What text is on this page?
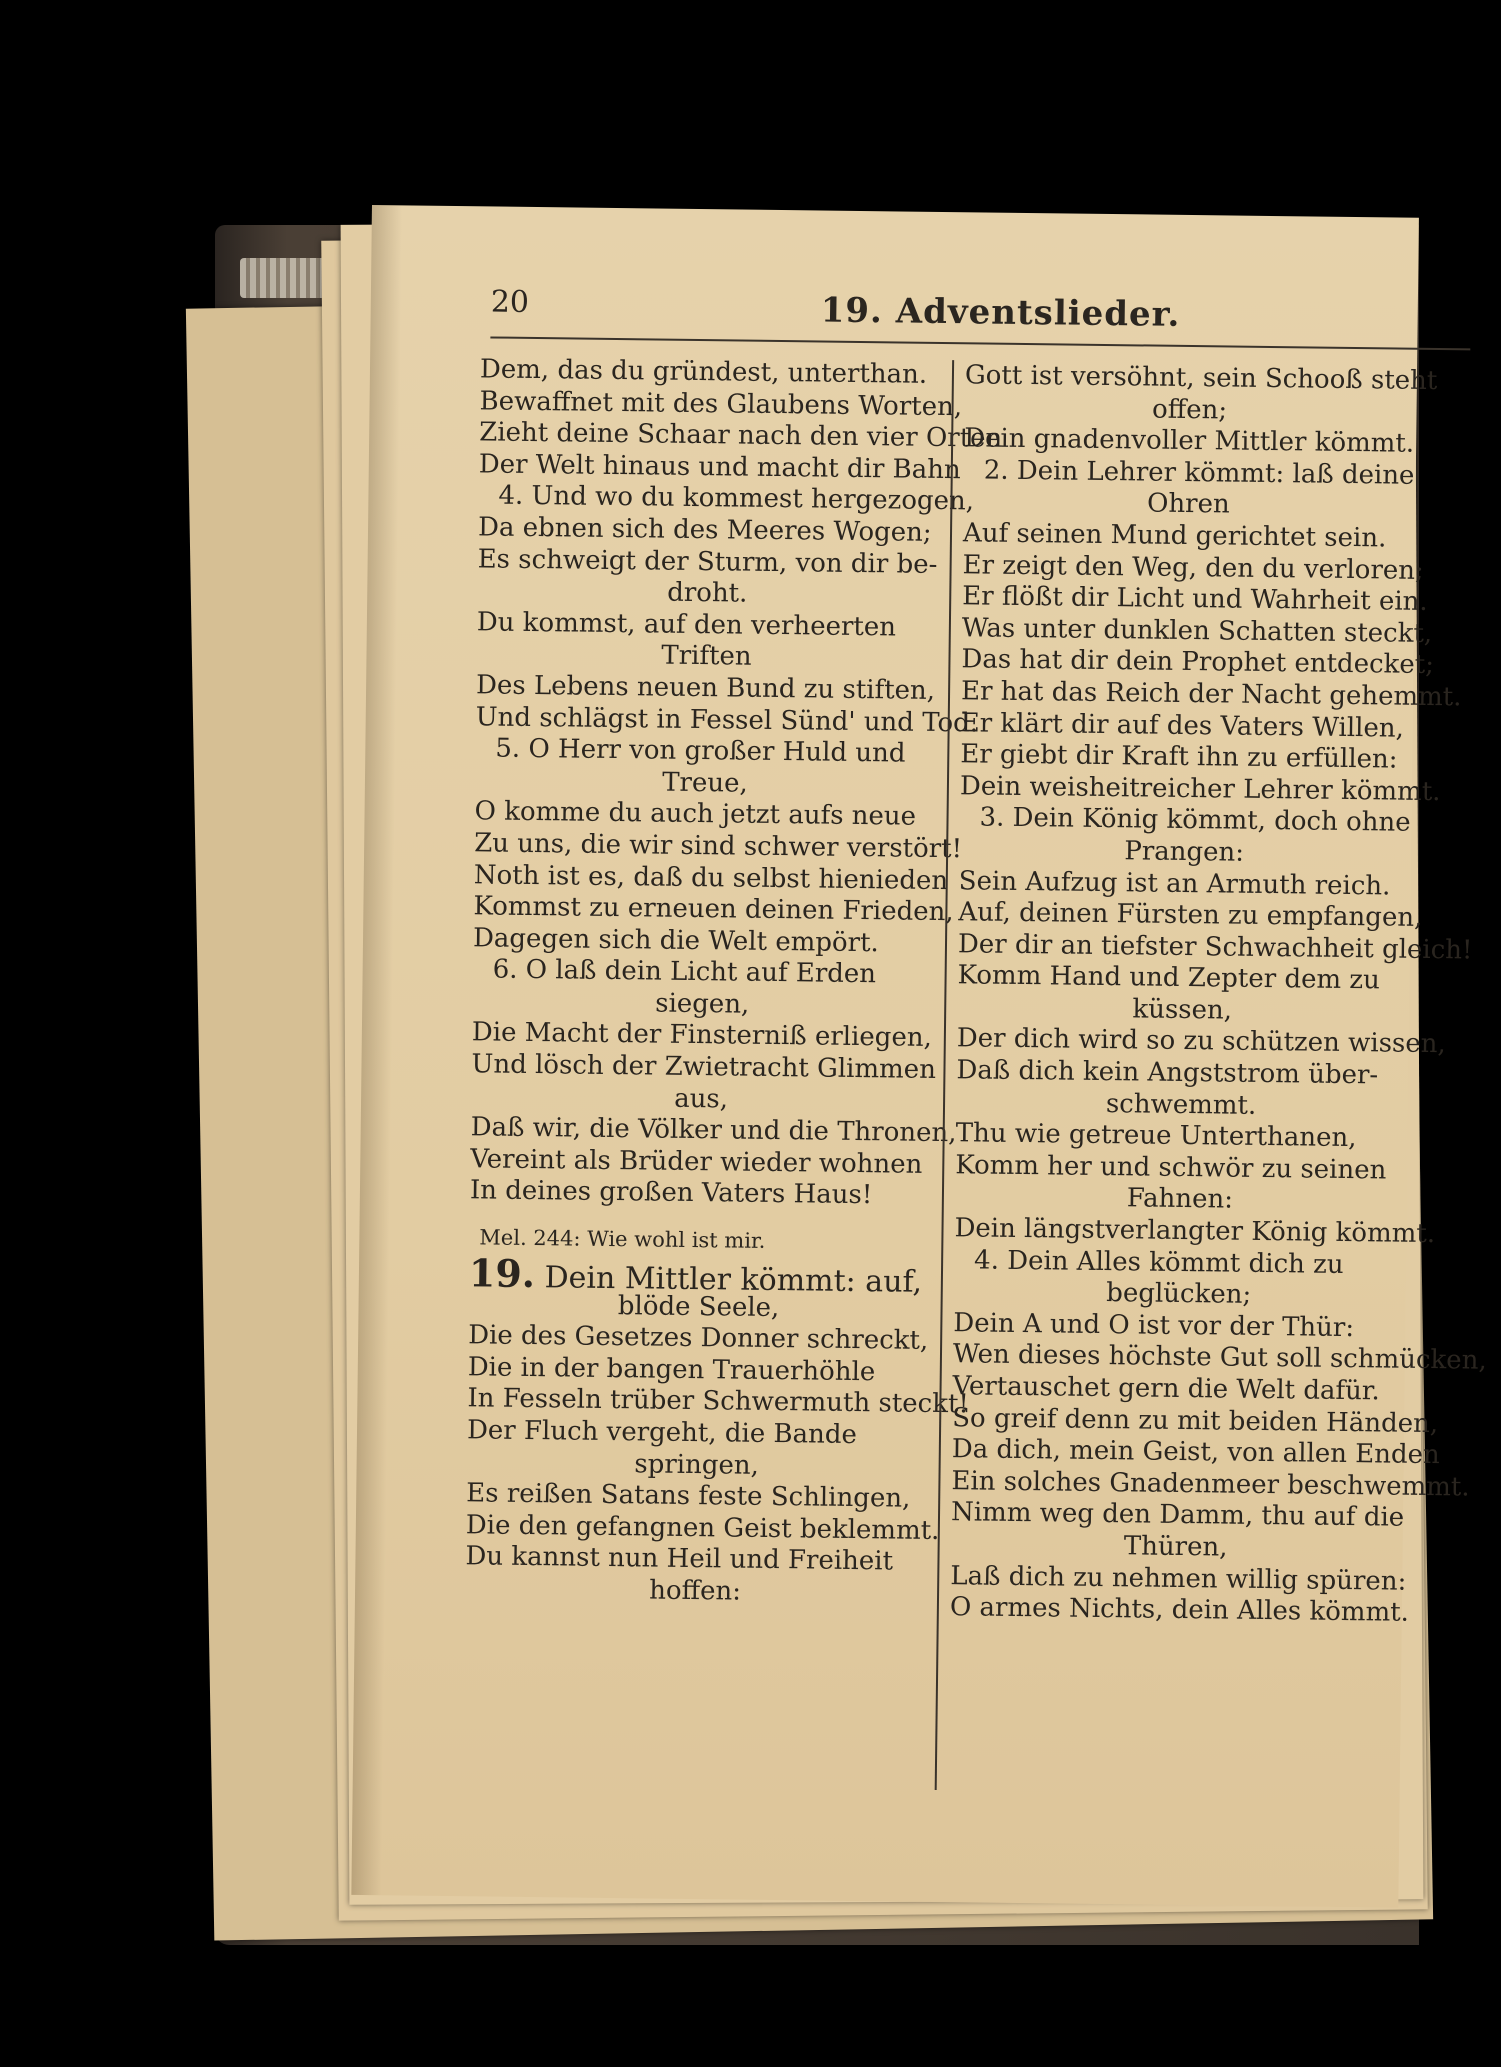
20	19. Adventslieder.
Dem, das du gründest, unterthan.
Bewaffnet mit des Glaubens Worten,
Zieht deine Schaar nach den vier Orten
Der Welt hinaus und macht dir Bahn
4. Und wo du kommest hergezogen,
Da ebnen sich des Meeres Wogen;
Es schweigt der Sturm, von dir be-
droht.
Du kommst, auf den verheerten
Triften
Des Lebens neuen Bund zu stiften,
Und schlägst in Fessel Sünd' und Tod.
5. O Herr von großer Huld und
Treue,
O komme du auch jetzt aufs neue
Zu uns, die wir sind schwer verstört!
Noth ist es, daß du selbst hienieden
Kommst zu erneuen deinen Frieden,
Dagegen sich die Welt empört.
6. O laß dein Licht auf Erden
siegen,
Die Macht der Finsterniß erliegen,
Und lösch der Zwietracht Glimmen
aus,
Daß wir, die Völker und die Thronen,
Vereint als Brüder wieder wohnen
In deines großen Vaters Haus!
Mel. 244: Wie wohl ist mir.
19. Dein Mittler kömmt: auf,
blöde Seele,
Die des Gesetzes Donner schreckt,
Die in der bangen Trauerhöhle
In Fesseln trüber Schwermuth steckt!
Der Fluch vergeht, die Bande
springen,
Es reißen Satans feste Schlingen,
Die den gefangnen Geist beklemmt.
Du kannst nun Heil und Freiheit
hoffen:
Gott ist versöhnt, sein Schooß steht
offen;
Dein gnadenvoller Mittler kömmt.
2. Dein Lehrer kömmt: laß deine
Ohren
Auf seinen Mund gerichtet sein.
Er zeigt den Weg, den du verloren;
Er flößt dir Licht und Wahrheit ein.
Was unter dunklen Schatten steckt,
Das hat dir dein Prophet entdecket;
Er hat das Reich der Nacht gehemmt.
Er klärt dir auf des Vaters Willen,
Er giebt dir Kraft ihn zu erfüllen:
Dein weisheitreicher Lehrer kömmt.
3. Dein König kömmt, doch ohne
Prangen:
Sein Aufzug ist an Armuth reich.
Auf, deinen Fürsten zu empfangen,
Der dir an tiefster Schwachheit gleich!
Komm Hand und Zepter dem zu
küssen,
Der dich wird so zu schützen wissen,
Daß dich kein Angststrom über-
schwemmt.
Thu wie getreue Unterthanen,
Komm her und schwör zu seinen
Fahnen:
Dein längstverlangter König kömmt.
4. Dein Alles kömmt dich zu
beglücken;
Dein A und O ist vor der Thür:
Wen dieses höchste Gut soll schmücken,
Vertauschet gern die Welt dafür.
So greif denn zu mit beiden Händen,
Da dich, mein Geist, von allen Enden
Ein solches Gnadenmeer beschwemmt.
Nimm weg den Damm, thu auf die
Thüren,
Laß dich zu nehmen willig spüren:
O armes Nichts, dein Alles kömmt.
